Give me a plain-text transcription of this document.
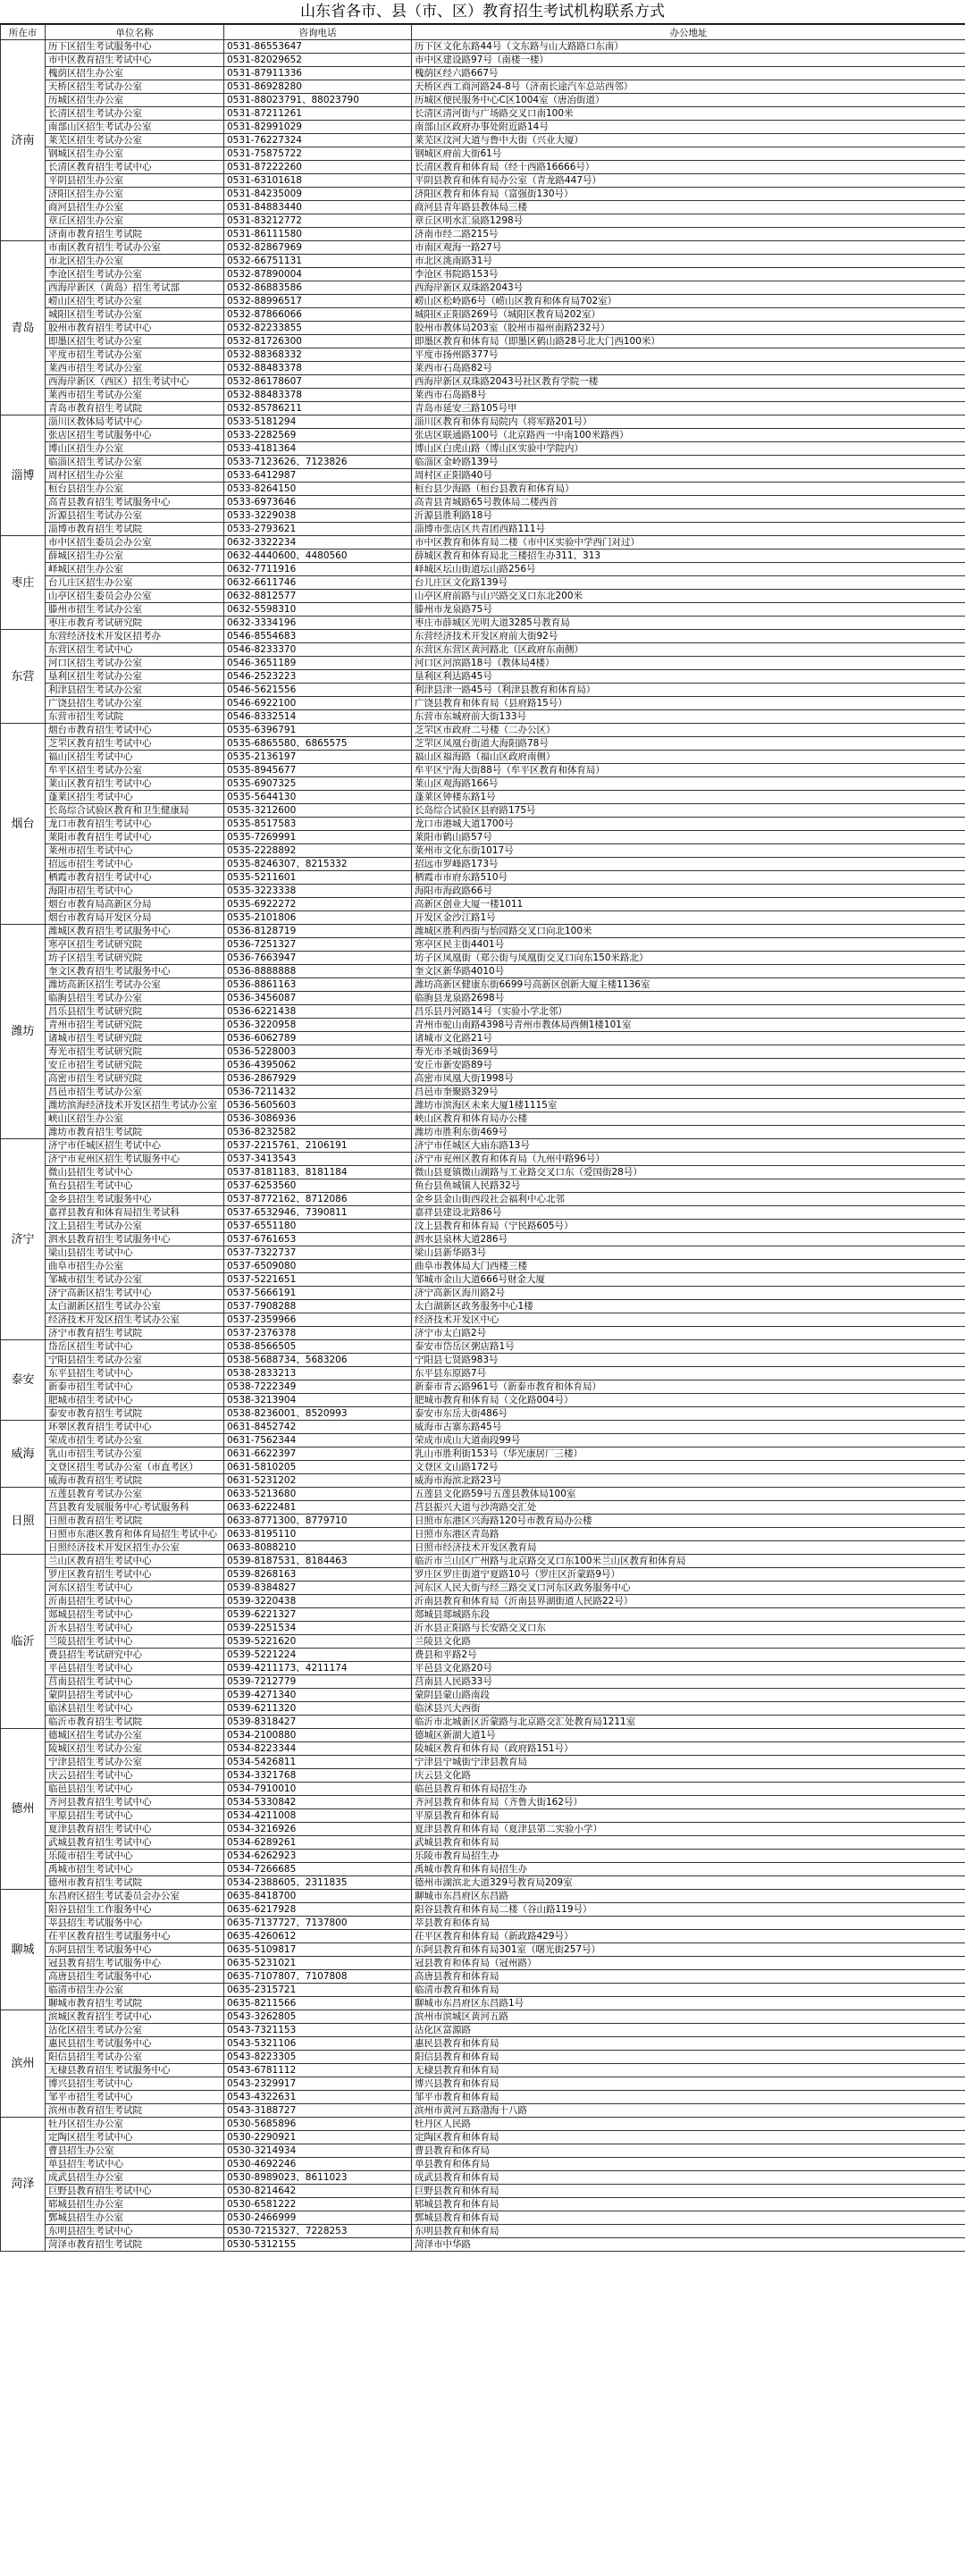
山东省各市、县（市、区）教育招生考试机构联系方式
所在市	单位名称	咨询电话	办公地址
济南	历下区招生考试服务中心	0531-86553647	历下区文化东路44号（文东路与山大路路口东南）
	市中区教育招生考试中心	0531-82029652	市中区建设路97号（南楼一楼）
	槐荫区招生办公室	0531-87911336	槐荫区经六路667号
	天桥区招生考试办公室	0531-86928280	天桥区西工商河路24-8号（济南长途汽车总站西邻）
	历城区招生办公室	0531-88023791、88023790	历城区便民服务中心C区1004室（唐冶街道）
	长清区招生考试办公室	0531-87211261	长清区清河街与广场路交叉口南100米
	南部山区招生考试办公室	0531-82991029	南部山区政府办事处附近路14号
	莱芜区招生考试办公室	0531-76227324	莱芜区汶河大道与鲁中大街（兴业大厦）
	钢城区招生办公室	0531-75875722	钢城区府前大街61号
	长清区教育招生考试中心	0531-87222260	长清区教育和体育局（经十西路16666号）
	平阴县招生办公室	0531-63101618	平阴县教育和体育局办公室（青龙路447号）
	济阳区招生办公室	0531-84235009	济阳区教育和体育局（富强街130号）
	商河县招生办公室	0531-84883440	商河县青年路县教体局三楼
	章丘区招生办公室	0531-83212772	章丘区明水汇泉路1298号
	济南市教育招生考试院	0531-86111580	济南市经二路215号
青岛	市南区教育招生考试办公室	0532-82867969	市南区观海一路27号
	市北区招生办公室	0532-66751131	市北区洮南路31号
	李沧区招生考试办公室	0532-87890004	李沧区书院路153号
	西海岸新区（黄岛）招生考试部	0532-86883586	西海岸新区双珠路2043号
	崂山区招生考试办公室	0532-88996517	崂山区松岭路6号（崂山区教育和体育局702室）
	城阳区招生考试办公室	0532-87866066	城阳区正阳路269号（城阳区教育局202室）
	胶州市教育招生考试中心	0532-82233855	胶州市教体局203室（胶州市福州南路232号）
	即墨区招生考试办公室	0532-81726300	即墨区教育和体育局（即墨区鹤山路28号北大门西100米）
	平度市招生考试办公室	0532-88368332	平度市扬州路377号
	莱西市招生考试办公室	0532-88483378	莱西市石岛路82号
	西海岸新区（西区）招生考试中心	0532-86178607	西海岸新区双珠路2043号社区教育学院一楼
	莱西市招生考试办公室	0532-88483378	莱西市石岛路8号
	青岛市教育招生考试院	0532-85786211	青岛市延安三路105号甲
淄博	淄川区教体局考试中心	0533-5181294	淄川区教育和体育局院内（将军路201号）
	张店区招生考试服务中心	0533-2282569	张店区联通路100号（北京路西一中南100米路西）
	博山区招生办公室	0533-4181364	博山区白虎山路（博山区实验中学院内）
	临淄区招生考试办公室	0533-7123626、7123826	临淄区金岭路139号
	周村区招生办公室	0533-6412987	周村区正阳路40号
	桓台县招生办公室	0533-8264150	桓台县少海路（桓台县教育和体育局）
	高青县教育招生考试服务中心	0533-6973646	高青县青城路65号教体局二楼西首
	沂源县招生考试办公室	0533-3229038	沂源县胜利路18号
	淄博市教育招生考试院	0533-2793621	淄博市张店区共青团西路111号
枣庄	市中区招生委员会办公室	0632-3322234	市中区教育和体育局二楼（市中区实验中学西门对过）
	薛城区招生办公室	0632-4440600、4480560	薛城区教育和体育局北三楼招生办311、313
	峄城区招生办公室	0632-7711916	峄城区坛山街道坛山路256号
	台儿庄区招生办公室	0632-6611746	台儿庄区文化路139号
	山亭区招生委员会办公室	0632-8812577	山亭区府前路与山兴路交叉口东北200米
	滕州市招生考试办公室	0632-5598310	滕州市龙泉路75号
	枣庄市教育考试研究院	0632-3334196	枣庄市薛城区光明大道3285号教育局
东营	东营经济技术开发区招考办	0546-8554683	东营经济技术开发区府前大街92号
	东营区招生考试中心	0546-8233370	东营区东营区黄河路北（区政府东南侧）
	河口区招生考试办公室	0546-3651189	河口区河滨路18号（教体局4楼）
	垦利区招生考试办公室	0546-2523223	垦利区利达路45号
	利津县招生考试办公室	0546-5621556	利津县津一路45号（利津县教育和体育局）
	广饶县招生考试办公室	0546-6922100	广饶县教育和体育局（县府路15号）
	东营市招生考试院	0546-8332514	东营市东城府前大街133号
烟台	烟台市教育招生考试中心	0535-6396791	芝罘区市政府二号楼（二办公区）
	芝罘区教育招生考试中心	0535-6865580、6865575	芝罘区凤凰台街道大海阳路78号
	福山区招生考试中心	0535-2136197	福山区福海路（福山区政府南侧）
	牟平区招生考试办公室	0535-8945677	牟平区宁海大街88号（牟平区教育和体育局）
	莱山区教育招生考试中心	0535-6907325	莱山区观海路166号
	蓬莱区招生考试中心	0535-5644130	蓬莱区钟楼东路1号
	长岛综合试验区教育和卫生健康局	0535-3212600	长岛综合试验区县府路175号
	龙口市教育招生考试中心	0535-8517583	龙口市港城大道1700号
	莱阳市教育招生考试中心	0535-7269991	莱阳市鹤山路57号
	莱州市招生考试中心	0535-2228892	莱州市文化东街1017号
	招远市招生考试中心	0535-8246307、8215332	招远市罗峰路173号
	栖霞市教育招生考试中心	0535-5211601	栖霞市市府东路510号
	海阳市招生考试中心	0535-3223338	海阳市海政路66号
	烟台市教育局高新区分局	0535-6922272	高新区创业大厦一楼1011
	烟台市教育局开发区分局	0535-2101806	开发区金沙江路1号
潍坊	潍城区教育招生考试服务中心	0536-8128719	潍城区胜利西街与怡园路交叉口向北100米
	寒亭区招生考试研究院	0536-7251327	寒亭区民主街4401号
	坊子区招生考试研究院	0536-7663947	坊子区凤凰街（郑公街与凤凰街交叉口向东150米路北）
	奎文区教育招生考试服务中心	0536-8888888	奎文区新华路4010号
	潍坊高新区招生考试办公室	0536-8861163	潍坊高新区健康东街6699号高新区创新大厦主楼1136室
	临朐县招生考试办公室	0536-3456087	临朐县龙泉路2698号
	昌乐县招生考试研究院	0536-6221438	昌乐县丹河路14号（实验小学北邻）
	青州市招生考试研究院	0536-3220958	青州市驼山南路4398号青州市教体局西侧1楼101室
	诸城市招生考试研究院	0536-6062789	诸城市文化路21号
	寿光市招生考试研究院	0536-5228003	寿光市圣城街369号
	安丘市招生考试研究院	0536-4395062	安丘市新安路89号
	高密市招生考试研究院	0536-2867929	高密市凤凰大街1998号
	昌邑市招生考试办公室	0536-7211432	昌邑市奎聚路329号
	潍坊滨海经济技术开发区招生考试办公室	0536-5605603	潍坊市滨海区未来大厦1楼1115室
	峡山区招生办公室	0536-3086936	峡山区教育和体育局办公楼
	潍坊市教育招生考试院	0536-8232582	潍坊市胜利东街469号
济宁	济宁市任城区招生考试中心	0537-2215761、2106191	济宁市任城区大庙东路13号
	济宁市兖州区招生考试服务中心	0537-3413543	济宁市兖州区教育和体育局（九州中路96号）
	微山县招生考试中心	0537-8181183、8181184	微山县夏镇微山湖路与工业路交叉口东（爱国街28号）
	鱼台县招生考试中心	0537-6253560	鱼台县鱼城镇人民路32号
	金乡县招生考试服务中心	0537-8772162、8712086	金乡县金山街西段社会福利中心北邻
	嘉祥县教育和体育局招生考试科	0537-6532946、7390811	嘉祥县建设北路86号
	汶上县招生考试办公室	0537-6551180	汶上县教育和体育局（宁民路605号）
	泗水县教育招生考试服务中心	0537-6761653	泗水县泉林大道286号
	梁山县招生考试中心	0537-7322737	梁山县新华路3号
	曲阜市招生办公室	0537-6509080	曲阜市教体局大门西楼三楼
	邹城市招生考试办公室	0537-5221651	邹城市金山大道666号财金大厦
	济宁高新区招生考试中心	0537-5666191	济宁高新区海川路2号
	太白湖新区招生考试办公室	0537-7908288	太白湖新区政务服务中心1楼
	经济技术开发区招生考试办公室	0537-2359966	经济技术开发区中心
	济宁市教育招生考试院	0537-2376378	济宁市太白路2号
泰安	岱岳区招生考试中心	0538-8566505	泰安市岱岳区粥店路1号
	宁阳县招生考试办公室	0538-5688734、5683206	宁阳县七贤路983号
	东平县招生考试中心	0538-2833213	东平县东原路7号
	新泰市招生考试中心	0538-7222349	新泰市青云路961号（新泰市教育和体育局）
	肥城市招生考试中心	0538-3213904	肥城市教育和体育局（文化路004号）
	泰安市教育招生考试院	0538-8236001、8520993	泰安市东岳大街486号
威海	环翠区教育招生考试中心	0631-8452742	威海市古寨东路45号
	荣成市招生考试办公室	0631-7562344	荣成市成山大道南段99号
	乳山市招生考试办公室	0631-6622397	乳山市胜利街153号（华光康居厂三楼）
	文登区招生考试办公室（市直考区）	0631-5810205	文登区文山路172号
	威海市教育招生考试院	0631-5231202	威海市海滨北路23号
日照	五莲县教育考试办公室	0633-5213680	五莲县文化路59号五莲县教体局100室
	莒县教育发展服务中心考试服务科	0633-6222481	莒县振兴大道与沙湾路交汇处
	日照市教育招生考试院	0633-8771300、8779710	日照市东港区兴海路120号市教育局办公楼
	日照市东港区教育和体育局招生考试中心	0633-8195110	日照市东港区青岛路
	日照经济技术开发区招生办公室	0633-8088210	日照市经济技术开发区教育局
临沂	兰山区教育招生考试中心	0539-8187531、8184463	临沂市兰山区广州路与北京路交叉口东100米兰山区教育和体育局
	罗庄区教育招生考试中心	0539-8268163	罗庄区罗庄街道宁夏路10号（罗庄区沂蒙路9号）
	河东区招生考试中心	0539-8384827	河东区人民大街与经三路交叉口河东区政务服务中心
	沂南县招生考试中心	0539-3220438	沂南县教育和体育局（沂南县界湖街道人民路22号）
	郯城县招生考试中心	0539-6221327	郯城县郯城路东段
	沂水县招生考试中心	0539-2251534	沂水县正阳路与长安路交叉口东
	兰陵县招生考试中心	0539-5221620	兰陵县文化路
	费县招生考试研究中心	0539-5221224	费县和平路2号
	平邑县招生考试中心	0539-4211173、4211174	平邑县文化路20号
	莒南县招生考试中心	0539-7212779	莒南县人民路33号
	蒙阴县招生考试中心	0539-4271340	蒙阴县蒙山路南段
	临沭县招生考试中心	0539-6211320	临沭县兴大西街
	临沂市教育招生考试院	0539-8318427	临沂市北城新区沂蒙路与北京路交汇处教育局1211室
德州	德城区招生考试办公室	0534-2100880	德城区新湖大道1号
	陵城区招生考试办公室	0534-8223344	陵城区教育和体育局（政府路151号）
	宁津县招生考试办公室	0534-5426811	宁津县宁城街宁津县教育局
	庆云县招生考试中心	0534-3321768	庆云县文化路
	临邑县招生考试中心	0534-7910010	临邑县教育和体育局招生办
	齐河县教育招生考试中心	0534-5330842	齐河县教育和体育局（齐鲁大街162号）
	平原县招生考试中心	0534-4211008	平原县教育和体育局
	夏津县教育招生考试中心	0534-3216926	夏津县教育和体育局（夏津县第二实验小学）
	武城县教育招生考试中心	0534-6289261	武城县教育和体育局
	乐陵市招生考试中心	0534-6262923	乐陵市教育局招生办
	禹城市招生考试中心	0534-7266685	禹城市教育和体育局招生办
	德州市教育招生考试院	0534-2388605、2311835	德州市湖滨北大道329号教育局209室
聊城	东昌府区招生考试委员会办公室	0635-8418700	聊城市东昌府区东昌路
	阳谷县招生工作服务中心	0635-6217928	阳谷县教育和体育局二楼（谷山路119号）
	莘县招生考试服务中心	0635-7137727、7137800	莘县教育和体育局
	茌平区教育招生考试服务中心	0635-4260612	茌平区教育和体育局（新政路429号）
	东阿县招生考试服务中心	0635-5109817	东阿县教育和体育局301室（曙光街257号）
	冠县教育招生考试服务中心	0635-5231021	冠县教育和体育局（冠州路）
	高唐县招生考试服务中心	0635-7107807、7107808	高唐县教育和体育局
	临清市招生办公室	0635-2315721	临清市教育和体育局
	聊城市教育招生考试院	0635-8211566	聊城市东昌府区东昌路1号
滨州	滨城区教育招生考试中心	0543-3262805	滨州市滨城区黄河五路
	沾化区招生考试办公室	0543-7321153	沾化区富源路
	惠民县招生考试服务中心	0543-5321106	惠民县教育和体育局
	阳信县招生考试办公室	0543-8223305	阳信县教育和体育局
	无棣县教育招生考试服务中心	0543-6781112	无棣县教育和体育局
	博兴县招生考试中心	0543-2329917	博兴县教育和体育局
	邹平市招生考试中心	0543-4322631	邹平市教育和体育局
	滨州市教育招生考试院	0543-3188727	滨州市黄河五路渤海十八路
菏泽	牡丹区招生办公室	0530-5685896	牡丹区人民路
	定陶区招生考试中心	0530-2290921	定陶区教育和体育局
	曹县招生办公室	0530-3214934	曹县教育和体育局
	单县招生考试中心	0530-4692246	单县教育和体育局
	成武县招生办公室	0530-8989023、8611023	成武县教育和体育局
	巨野县教育招生考试中心	0530-8214642	巨野县教育和体育局
	郓城县招生办公室	0530-6581222	郓城县教育和体育局
	鄄城县招生办公室	0530-2466999	鄄城县教育和体育局
	东明县招生考试中心	0530-7215327、7228253	东明县教育和体育局
	菏泽市教育招生考试院	0530-5312155	菏泽市中华路
